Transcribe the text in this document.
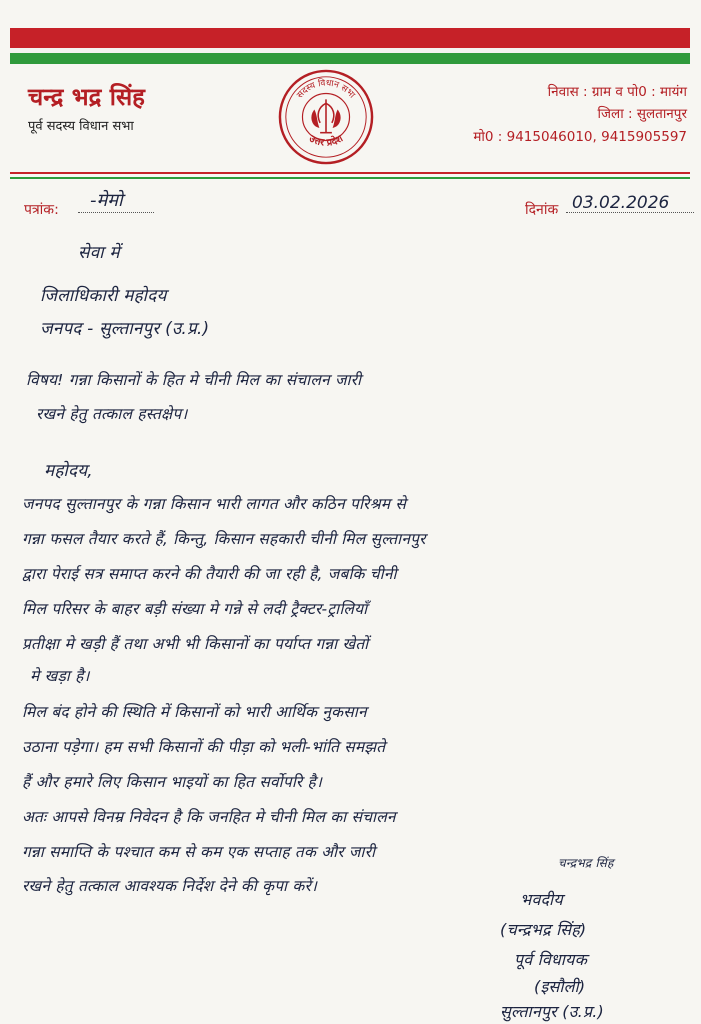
चन्द्र भद्र सिंह
पूर्व सदस्य विधान सभा
सदस्य विधान सभा
उत्तर प्रदेश
निवास : ग्राम व पो0 : मायंग
जिला : सुलतानपुर
मो0 : 9415046010, 9415905597
पत्रांक: -मेमो	दिनांक 03.02.2026
सेवा में
जिलाधिकारी महोदय
जनपद - सुल्तानपुर (उ.प्र.)
विषय! गन्ना किसानों के हित मे चीनी मिल का संचालन जारी
रखने हेतु तत्काल हस्तक्षेप।
महोदय,
जनपद सुल्तानपुर के गन्ना किसान भारी लागत और कठिन परिश्रम से
गन्ना फसल तैयार करते हैं, किन्तु, किसान सहकारी चीनी मिल सुल्तानपुर
द्वारा पेराई सत्र समाप्त करने की तैयारी की जा रही है, जबकि चीनी
मिल परिसर के बाहर बड़ी संख्या मे गन्ने से लदी ट्रैक्टर-ट्रालियाँ
प्रतीक्षा मे खड़ी हैं तथा अभी भी किसानों का पर्याप्त गन्ना खेतों
मे खड़ा है।
मिल बंद होने की स्थिति में किसानों को भारी आर्थिक नुकसान
उठाना पड़ेगा। हम सभी किसानों की पीड़ा को भली-भांति समझते
हैं और हमारे लिए किसान भाइयों का हित सर्वोपरि है।
अतः आपसे विनम्र निवेदन है कि जनहित मे चीनी मिल का संचालन
गन्ना समाप्ति के पश्चात कम से कम एक सप्ताह तक और जारी
रखने हेतु तत्काल आवश्यक निर्देश देने की कृपा करें।
चन्द्रभद्र सिंह
भवदीय
(चन्द्रभद्र सिंह)
पूर्व विधायक
(इसौली)
सुल्तानपुर (उ.प्र.)
